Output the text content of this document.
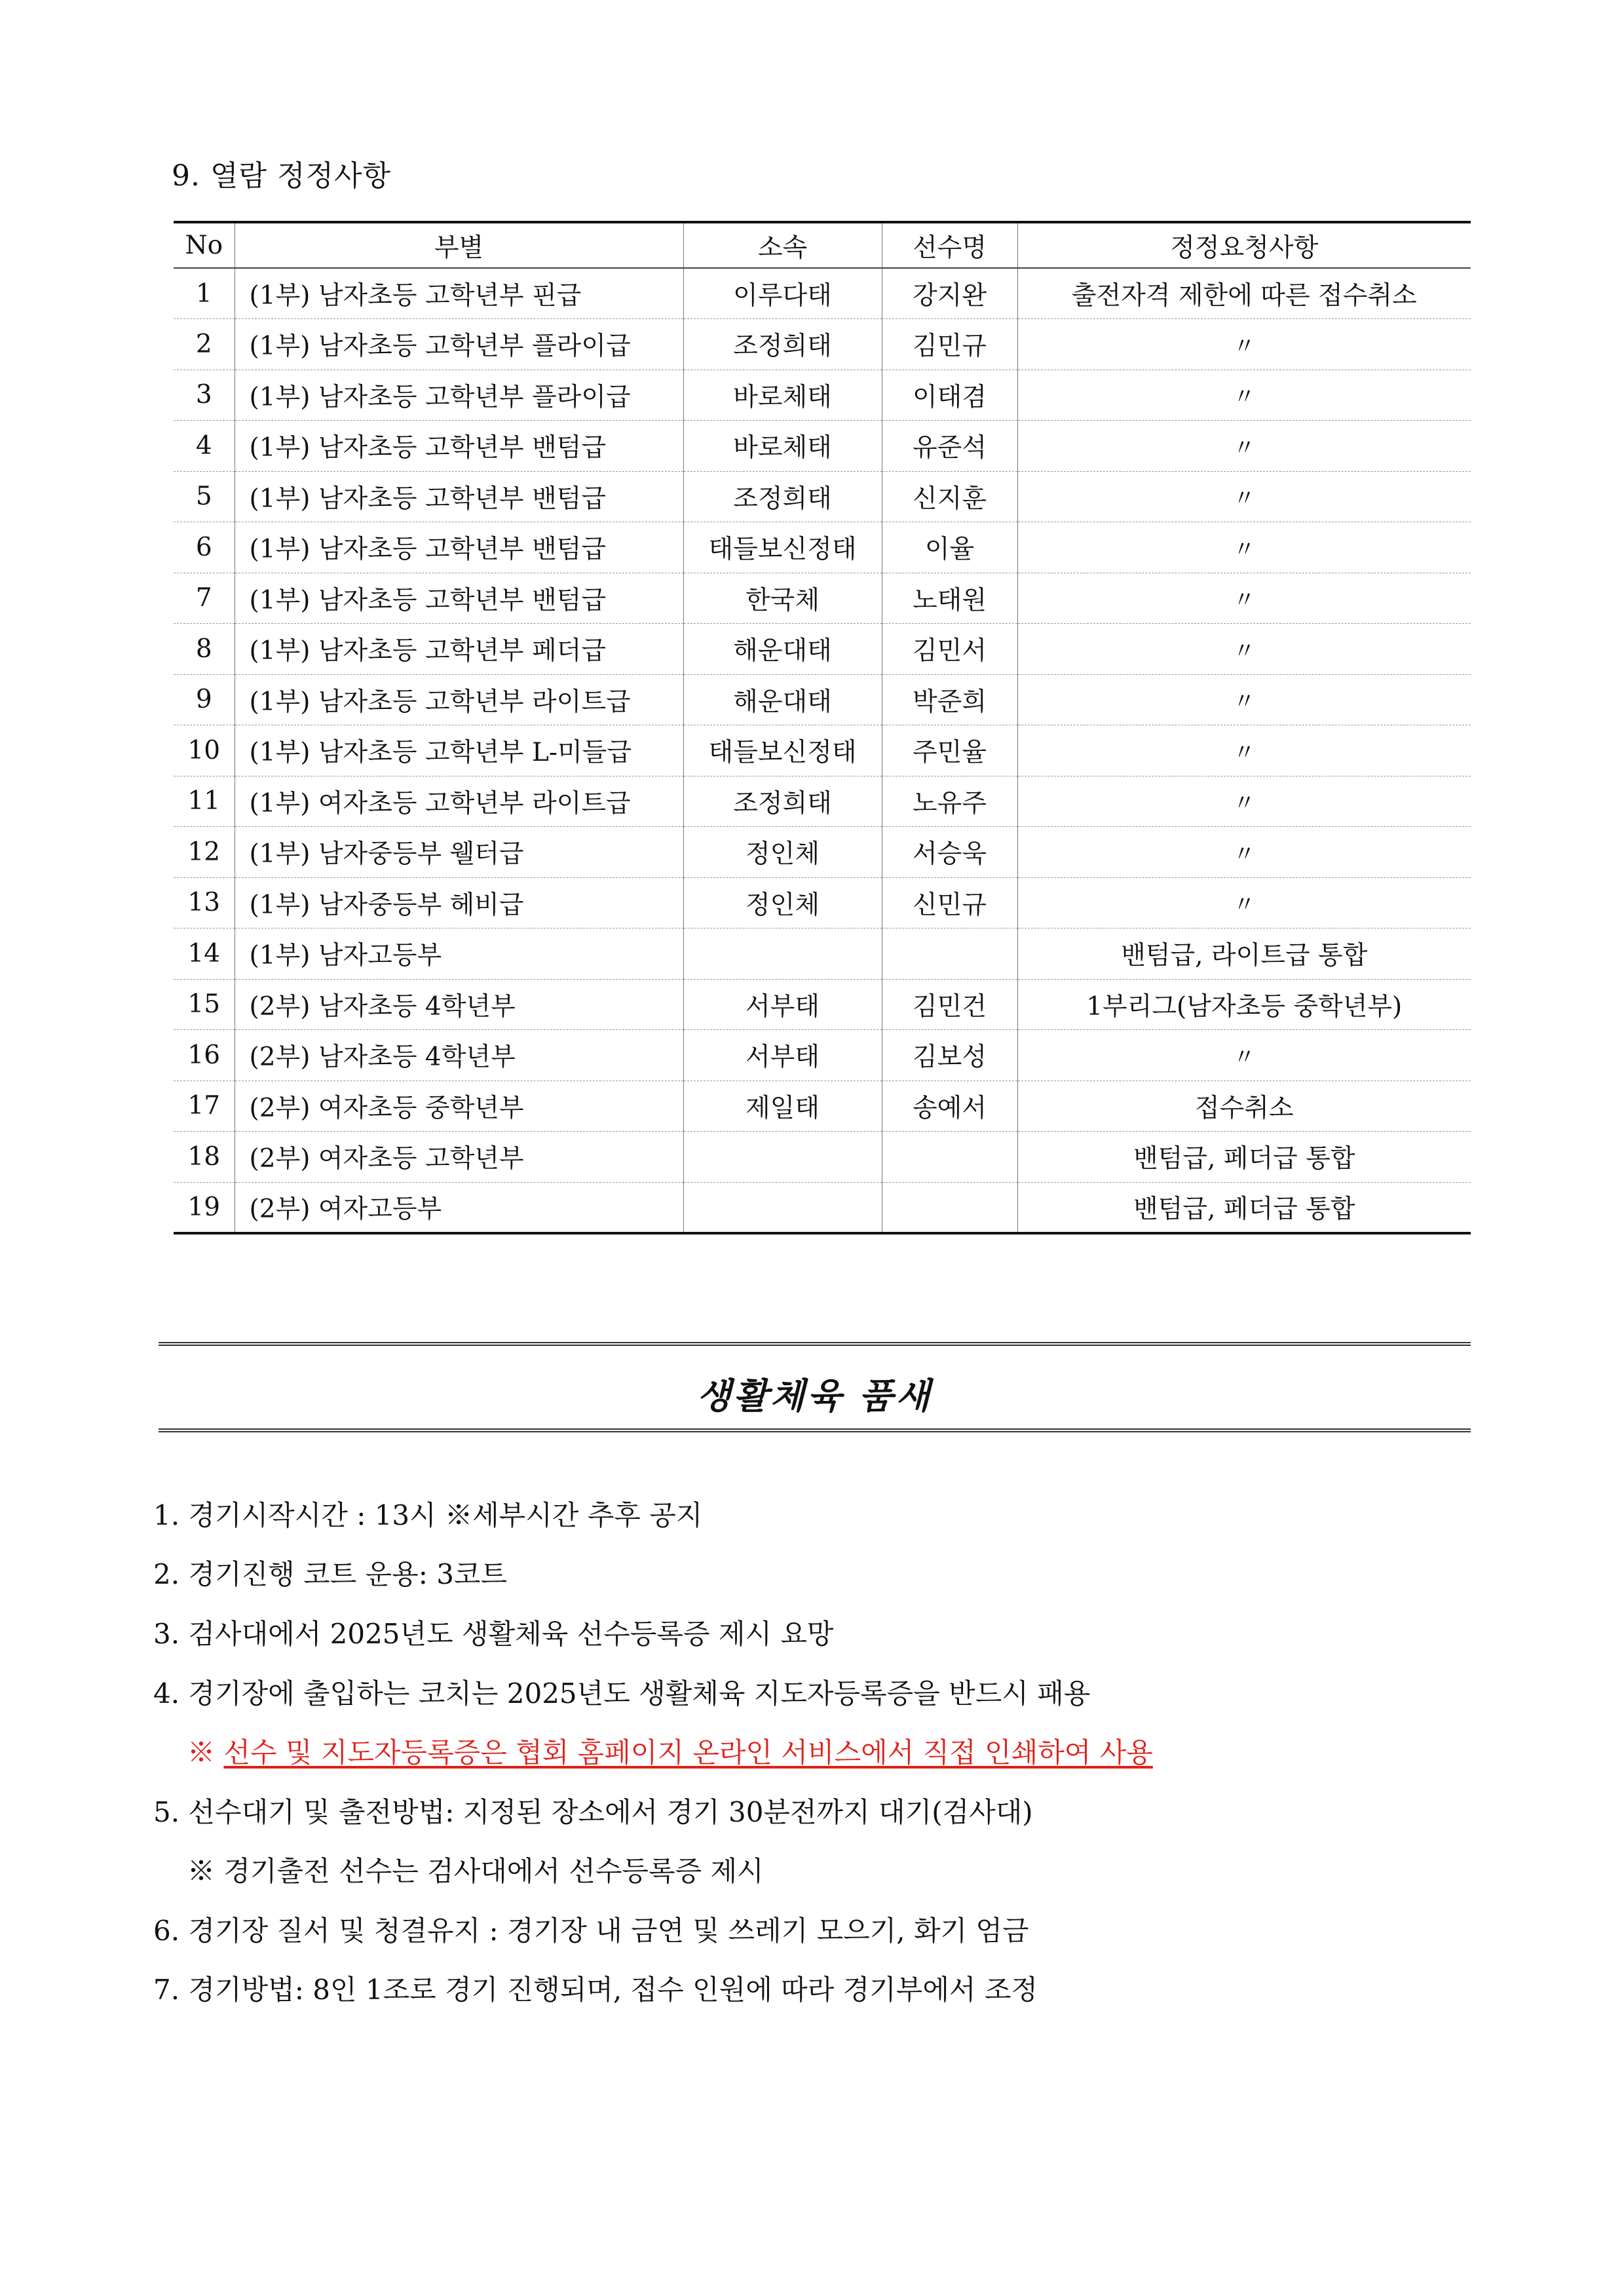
9. 열람 정정사항
No	부별	소속	선수명	정정요청사항
1	(1부) 남자초등 고학년부 핀급	이루다태	강지완	출전자격 제한에 따른 접수취소
2	(1부) 남자초등 고학년부 플라이급	조정희태	김민규	〃
3	(1부) 남자초등 고학년부 플라이급	바로체태	이태겸	〃
4	(1부) 남자초등 고학년부 밴텀급	바로체태	유준석	〃
5	(1부) 남자초등 고학년부 밴텀급	조정희태	신지훈	〃
6	(1부) 남자초등 고학년부 밴텀급	태들보신정태	이율	〃
7	(1부) 남자초등 고학년부 밴텀급	한국체	노태원	〃
8	(1부) 남자초등 고학년부 페더급	해운대태	김민서	〃
9	(1부) 남자초등 고학년부 라이트급	해운대태	박준희	〃
10	(1부) 남자초등 고학년부 L-미들급	태들보신정태	주민율	〃
11	(1부) 여자초등 고학년부 라이트급	조정희태	노유주	〃
12	(1부) 남자중등부 웰터급	정인체	서승욱	〃
13	(1부) 남자중등부 헤비급	정인체	신민규	〃
14	(1부) 남자고등부			밴텀급, 라이트급 통합
15	(2부) 남자초등 4학년부	서부태	김민건	1부리그(남자초등 중학년부)
16	(2부) 남자초등 4학년부	서부태	김보성	〃
17	(2부) 여자초등 중학년부	제일태	송예서	접수취소
18	(2부) 여자초등 고학년부			밴텀급, 페더급 통합
19	(2부) 여자고등부			밴텀급, 페더급 통합
생활체육 품새
1. 경기시작시간 : 13시 ※세부시간 추후 공지
2. 경기진행 코트 운용: 3코트
3. 검사대에서 2025년도 생활체육 선수등록증 제시 요망
4. 경기장에 출입하는 코치는 2025년도 생활체육 지도자등록증을 반드시 패용
※ 선수 및 지도자등록증은 협회 홈페이지 온라인 서비스에서 직접 인쇄하여 사용
5. 선수대기 및 출전방법: 지정된 장소에서 경기 30분전까지 대기(검사대)
※ 경기출전 선수는 검사대에서 선수등록증 제시
6. 경기장 질서 및 청결유지 : 경기장 내 금연 및 쓰레기 모으기, 화기 엄금
7. 경기방법: 8인 1조로 경기 진행되며, 접수 인원에 따라 경기부에서 조정
